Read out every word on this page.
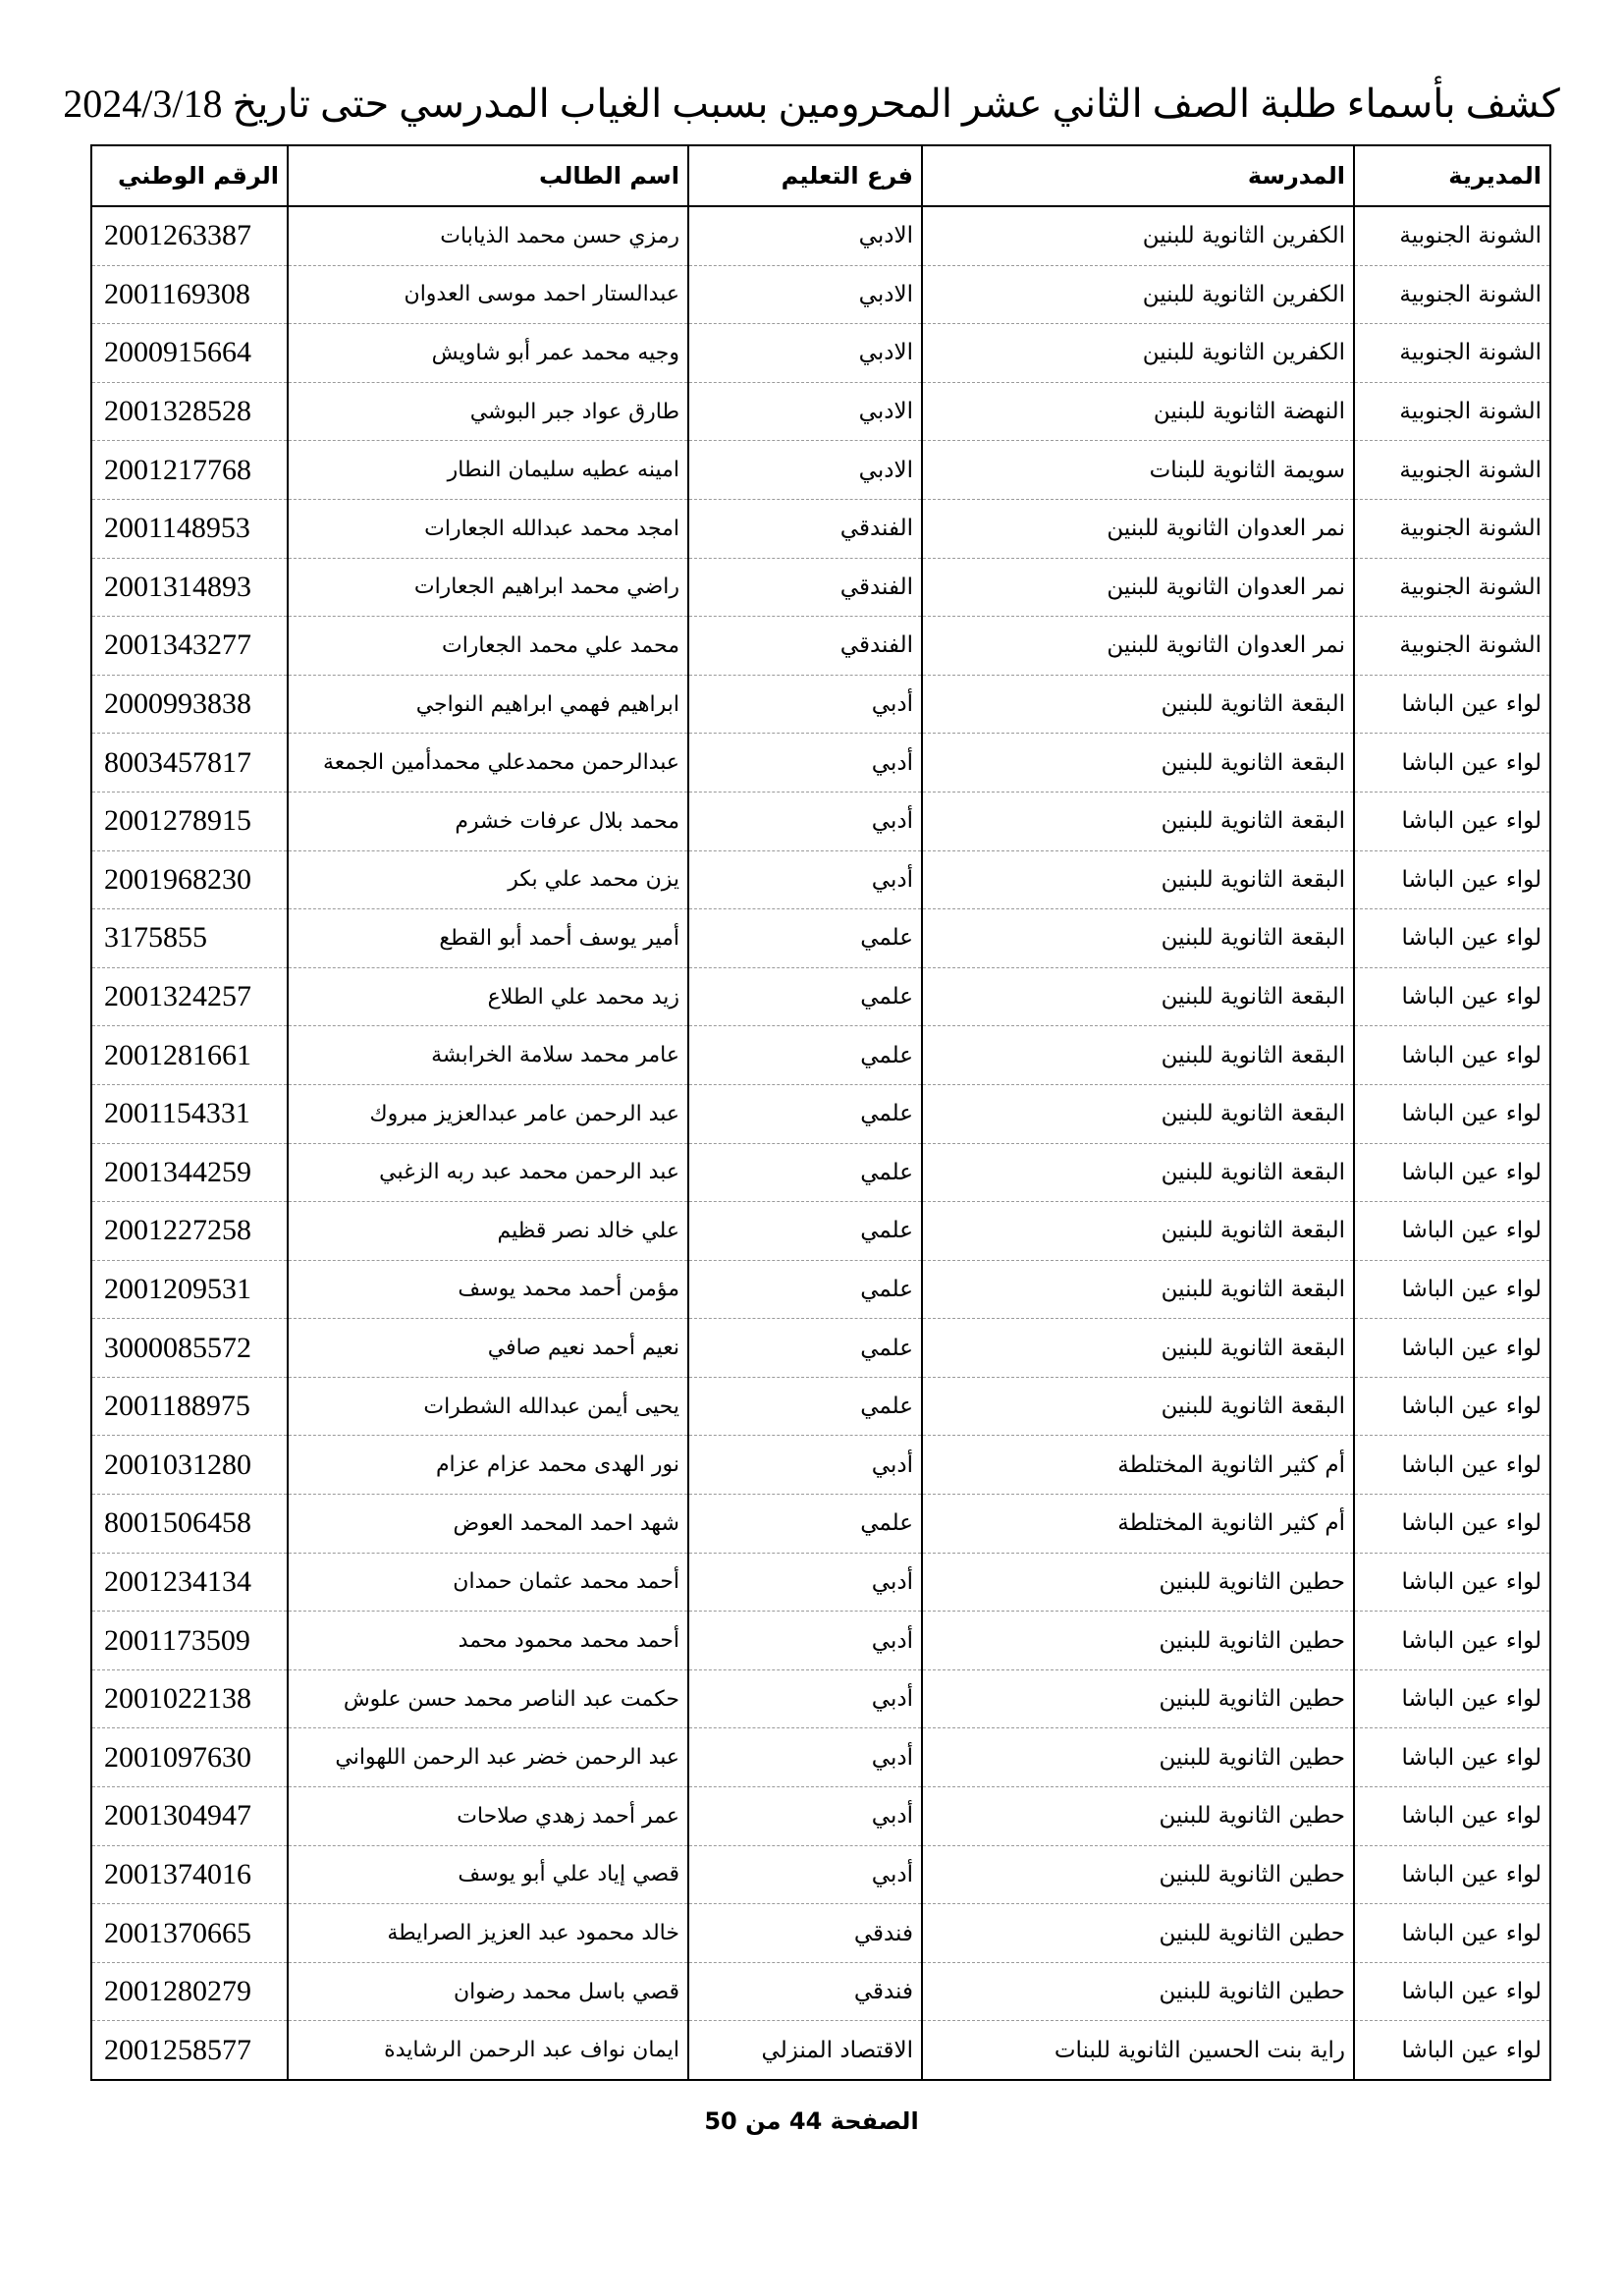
كشف بأسماء طلبة الصف الثاني عشر المحرومين بسبب الغياب المدرسي حتى تاريخ 2024/3/18
المديرية	المدرسة	فرع التعليم	اسم الطالب	الرقم الوطني
الشونة الجنوبية	الكفرين الثانوية للبنين	الادبي	رمزي حسن محمد الذيابات	2001263387
الشونة الجنوبية	الكفرين الثانوية للبنين	الادبي	عبدالستار احمد موسى العدوان	2001169308
الشونة الجنوبية	الكفرين الثانوية للبنين	الادبي	وجيه محمد عمر أبو شاويش	2000915664
الشونة الجنوبية	النهضة الثانوية للبنين	الادبي	طارق عواد جبر البوشي	2001328528
الشونة الجنوبية	سويمة الثانوية للبنات	الادبي	امينه عطيه سليمان النطار	2001217768
الشونة الجنوبية	نمر العدوان الثانوية للبنين	الفندقي	امجد محمد عبدالله الجعارات	2001148953
الشونة الجنوبية	نمر العدوان الثانوية للبنين	الفندقي	راضي محمد ابراهيم الجعارات	2001314893
الشونة الجنوبية	نمر العدوان الثانوية للبنين	الفندقي	محمد علي محمد الجعارات	2001343277
لواء عين الباشا	البقعة الثانوية للبنين	أدبي	ابراهيم فهمي ابراهيم النواجي	2000993838
لواء عين الباشا	البقعة الثانوية للبنين	أدبي	عبدالرحمن محمدعلي محمدأمين الجمعة	8003457817
لواء عين الباشا	البقعة الثانوية للبنين	أدبي	محمد بلال عرفات خشرم	2001278915
لواء عين الباشا	البقعة الثانوية للبنين	أدبي	يزن محمد علي بكر	2001968230
لواء عين الباشا	البقعة الثانوية للبنين	علمي	أمير يوسف أحمد أبو القطع	3175855
لواء عين الباشا	البقعة الثانوية للبنين	علمي	زيد محمد علي الطلاع	2001324257
لواء عين الباشا	البقعة الثانوية للبنين	علمي	عامر محمد سلامة الخرابشة	2001281661
لواء عين الباشا	البقعة الثانوية للبنين	علمي	عبد الرحمن عامر عبدالعزيز مبروك	2001154331
لواء عين الباشا	البقعة الثانوية للبنين	علمي	عبد الرحمن محمد عبد ربه الزغبي	2001344259
لواء عين الباشا	البقعة الثانوية للبنين	علمي	علي خالد نصر قظيم	2001227258
لواء عين الباشا	البقعة الثانوية للبنين	علمي	مؤمن أحمد محمد يوسف	2001209531
لواء عين الباشا	البقعة الثانوية للبنين	علمي	نعيم أحمد نعيم صافي	3000085572
لواء عين الباشا	البقعة الثانوية للبنين	علمي	يحيى أيمن عبدالله الشطرات	2001188975
لواء عين الباشا	أم كثير الثانوية المختلطة	أدبي	نور الهدى محمد عزام عزام	2001031280
لواء عين الباشا	أم كثير الثانوية المختلطة	علمي	شهد احمد المحمد العوض	8001506458
لواء عين الباشا	حطين الثانوية للبنين	أدبي	أحمد محمد عثمان حمدان	2001234134
لواء عين الباشا	حطين الثانوية للبنين	أدبي	أحمد محمد محمود محمد	2001173509
لواء عين الباشا	حطين الثانوية للبنين	أدبي	حكمت عبد الناصر محمد حسن علوش	2001022138
لواء عين الباشا	حطين الثانوية للبنين	أدبي	عبد الرحمن خضر عبد الرحمن اللهواني	2001097630
لواء عين الباشا	حطين الثانوية للبنين	أدبي	عمر أحمد زهدي صلاحات	2001304947
لواء عين الباشا	حطين الثانوية للبنين	أدبي	قصي إياد علي أبو يوسف	2001374016
لواء عين الباشا	حطين الثانوية للبنين	فندقي	خالد محمود عبد العزيز الصرايطة	2001370665
لواء عين الباشا	حطين الثانوية للبنين	فندقي	قصي باسل محمد رضوان	2001280279
لواء عين الباشا	راية بنت الحسين الثانوية للبنات	الاقتصاد المنزلي	ايمان نواف عبد الرحمن الرشايدة	2001258577
الصفحة 44 من 50
